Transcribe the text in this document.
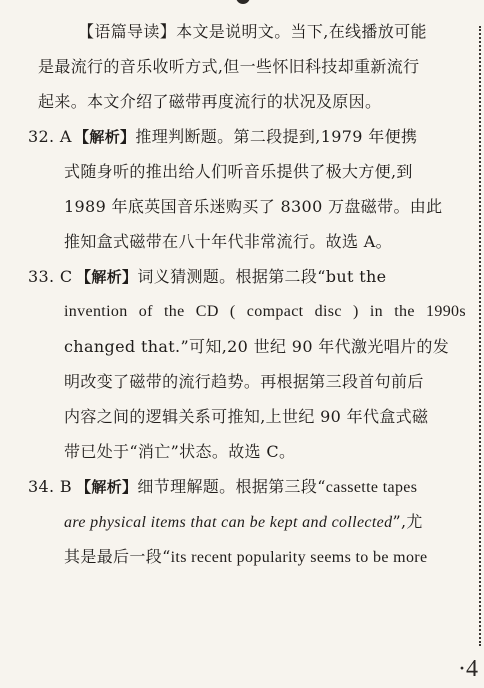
【语篇导读】本文是说明文。当下,在线播放可能
是最流行的音乐收听方式,但一些怀旧科技却重新流行
起来。本文介绍了磁带再度流行的状况及原因。
32. A 【解析】推理判断题。第二段提到,1979 年便携
式随身听的推出给人们听音乐提供了极大方便,到
1989 年底英国音乐迷购买了 8300 万盘磁带。由此
推知盒式磁带在八十年代非常流行。故选 A。
33. C 【解析】词义猜测题。根据第二段“but the
invention of the CD ( compact disc ) in the 1990s
changed that.”可知,20 世纪 90 年代激光唱片的发
明改变了磁带的流行趋势。再根据第三段首句前后
内容之间的逻辑关系可推知,上世纪 90 年代盒式磁
带已处于“消亡”状态。故选 C。
34. B 【解析】细节理解题。根据第三段“cassette tapes
are physical items that can be kept and collected”,尤
其是最后一段“its recent popularity seems to be more
·4
